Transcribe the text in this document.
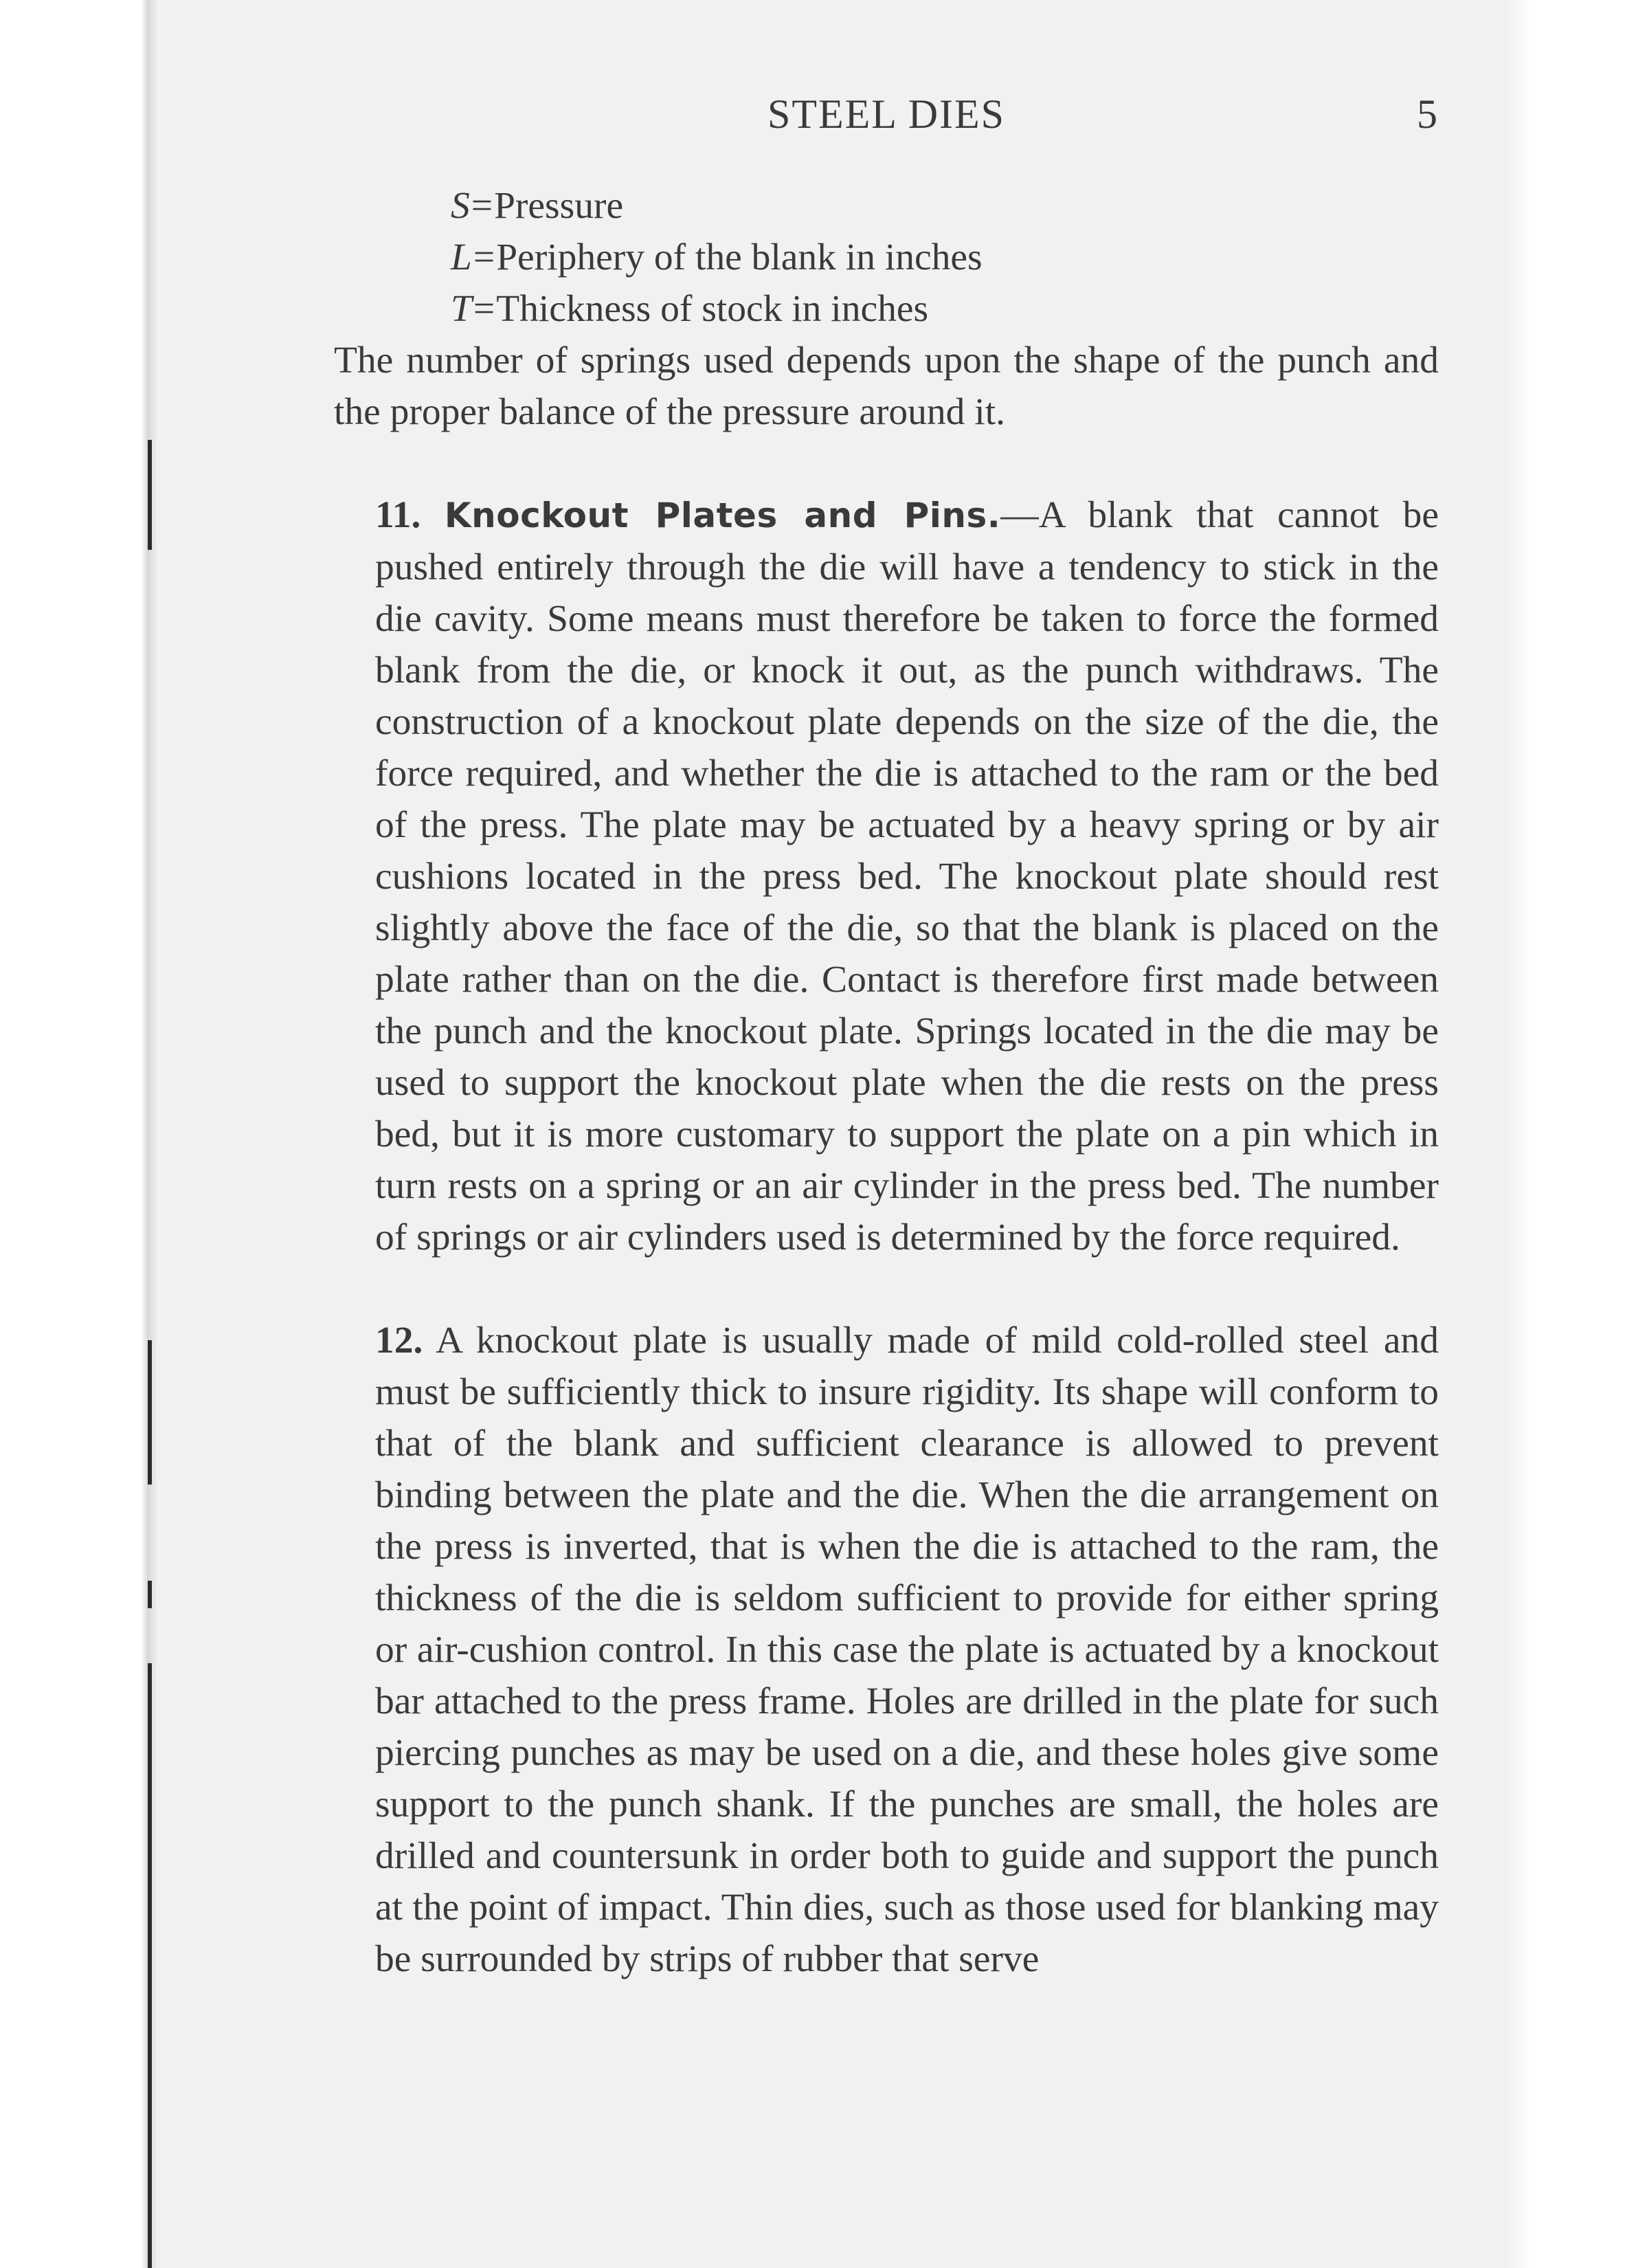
STEEL DIES	5
S=Pressure
L=Periphery of the blank in inches
T=Thickness of stock in inches

The number of springs used depends upon the shape of the punch and the proper balance of the pressure around it.

11. Knockout Plates and Pins.—A blank that cannot be pushed entirely through the die will have a tendency to stick in the die cavity. Some means must therefore be taken to force the formed blank from the die, or knock it out, as the punch withdraws. The construction of a knockout plate depends on the size of the die, the force required, and whether the die is attached to the ram or the bed of the press. The plate may be actuated by a heavy spring or by air cushions located in the press bed. The knockout plate should rest slightly above the face of the die, so that the blank is placed on the plate rather than on the die. Contact is therefore first made between the punch and the knockout plate. Springs located in the die may be used to support the knockout plate when the die rests on the press bed, but it is more customary to support the plate on a pin which in turn rests on a spring or an air cylinder in the press bed. The number of springs or air cylinders used is determined by the force required.

12. A knockout plate is usually made of mild cold-rolled steel and must be sufficiently thick to insure rigidity. Its shape will conform to that of the blank and sufficient clearance is allowed to prevent binding between the plate and the die. When the die arrangement on the press is inverted, that is when the die is attached to the ram, the thickness of the die is seldom sufficient to provide for either spring or air-cushion control. In this case the plate is actuated by a knockout bar attached to the press frame. Holes are drilled in the plate for such piercing punches as may be used on a die, and these holes give some support to the punch shank. If the punches are small, the holes are drilled and countersunk in order both to guide and support the punch at the point of impact. Thin dies, such as those used for blanking may be surrounded by strips of rubber that serve
